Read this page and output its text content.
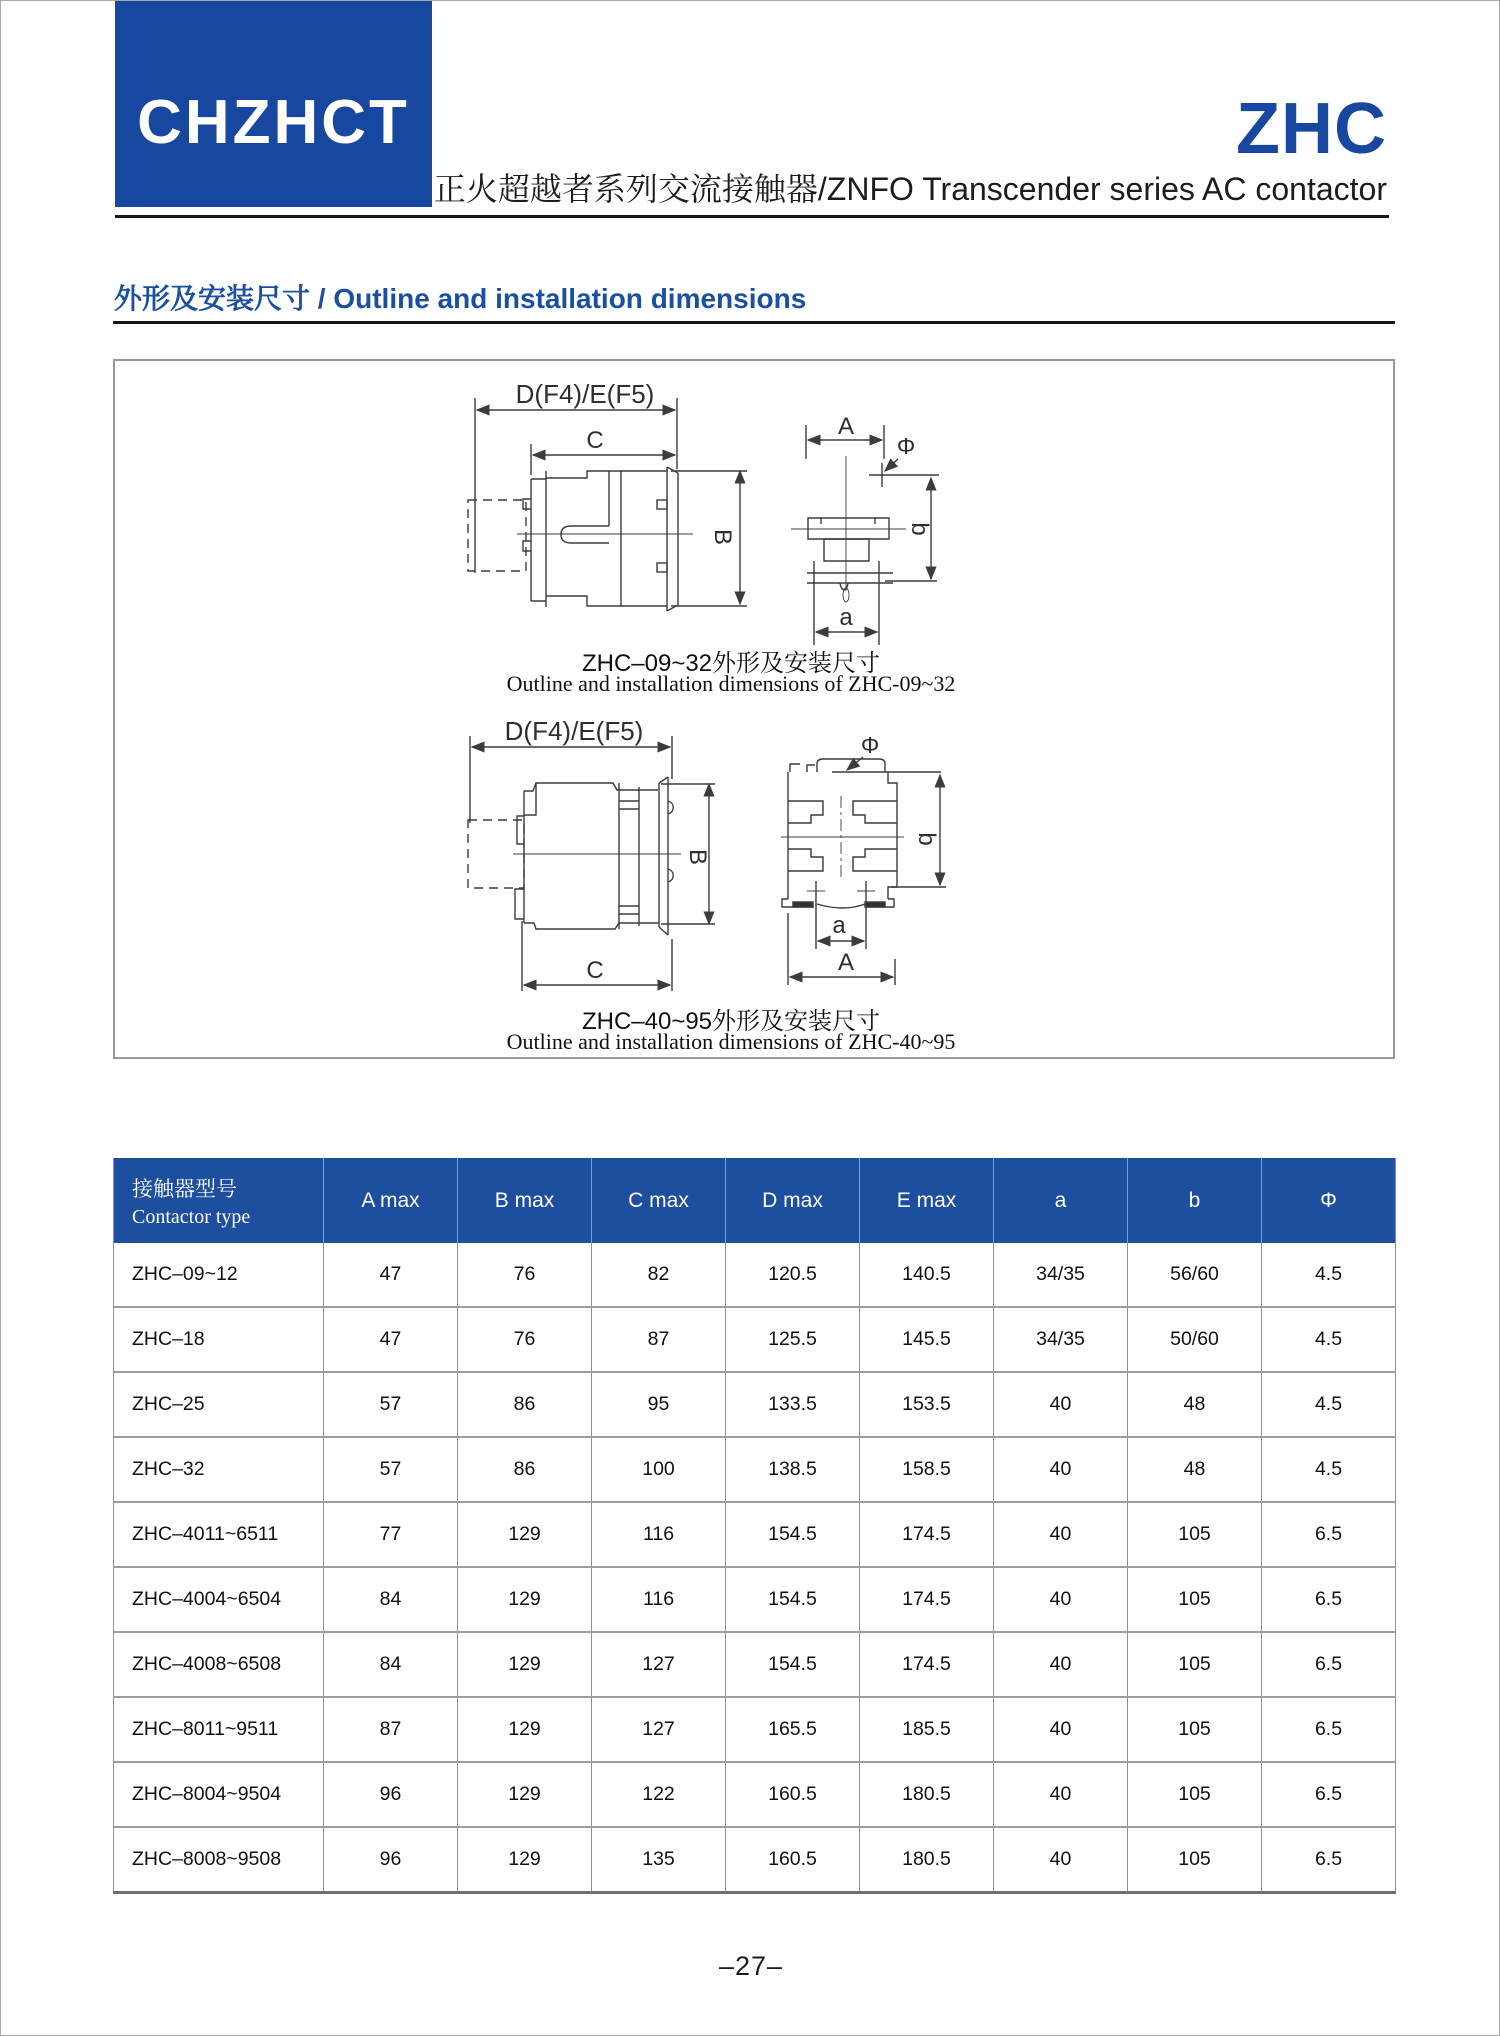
CHZHCT	ZHC
正火超越者系列交流接触器/ZNFO Transcender series AC contactor
外形及安装尺寸 / Outline and installation dimensions
D(F4)/E(F5)
C
B
A
Φ
b
a
ZHC–09~32外形及安装尺寸
Outline and installation dimensions of ZHC-09~32
D(F4)/E(F5)
C
B
A
Φ
b
a
ZHC–40~95外形及安装尺寸
Outline and installation dimensions of ZHC-40~95
接触器型号
Contactor type	A max	B max	C max	D max	E max	a	b	Φ
ZHC–09~12	47	76	82	120.5	140.5	34/35	56/60	4.5
ZHC–18	47	76	87	125.5	145.5	34/35	50/60	4.5
ZHC–25	57	86	95	133.5	153.5	40	48	4.5
ZHC–32	57	86	100	138.5	158.5	40	48	4.5
ZHC–4011~6511	77	129	116	154.5	174.5	40	105	6.5
ZHC–4004~6504	84	129	116	154.5	174.5	40	105	6.5
ZHC–4008~6508	84	129	127	154.5	174.5	40	105	6.5
ZHC–8011~9511	87	129	127	165.5	185.5	40	105	6.5
ZHC–8004~9504	96	129	122	160.5	180.5	40	105	6.5
ZHC–8008~9508	96	129	135	160.5	180.5	40	105	6.5
–27–
